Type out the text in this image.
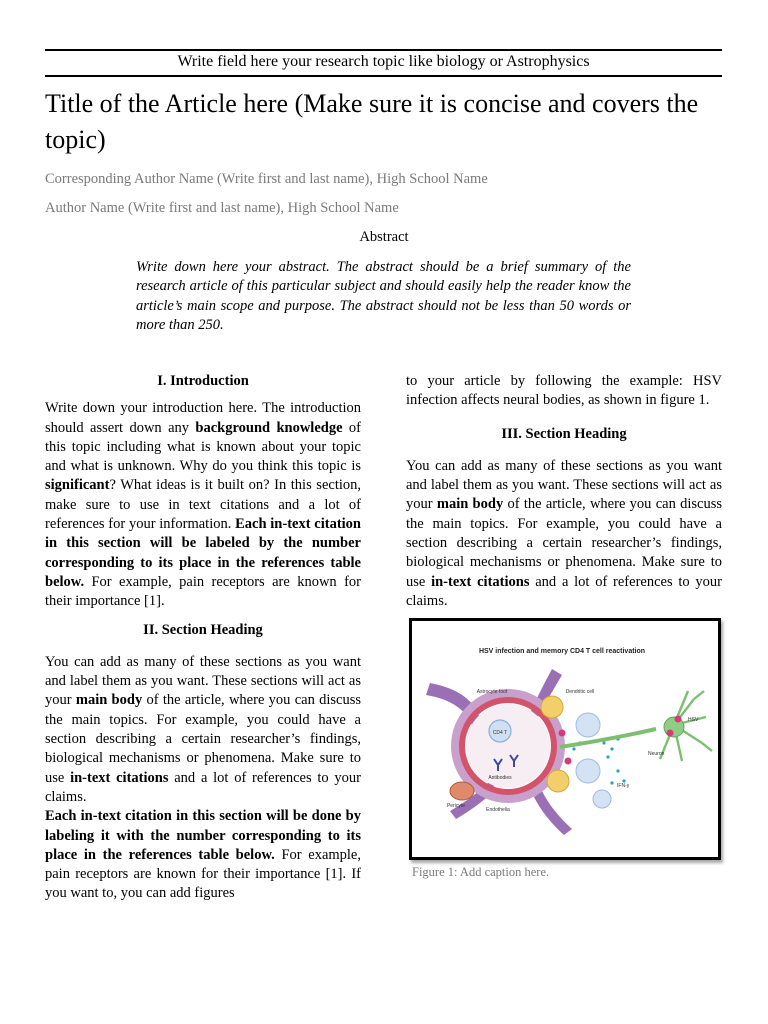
Write field here your research topic like biology or Astrophysics
Title of the Article here (Make sure it is concise and covers the topic)
Corresponding Author Name (Write first and last name), High School Name
Author Name (Write first and last name), High School Name
Abstract
Write down here your abstract. The abstract should be a brief summary of the research article of this particular subject and should easily help the reader know the article’s main scope and purpose. The abstract should not be less than 50 words or more than 250.
I. Introduction

Write down your introduction here. The introduction should assert down any background knowledge of this topic including what is known about your topic and what is unknown. Why do you think this topic is significant? What ideas is it built on? In this section, make sure to use in text citations and a lot of references for your information. Each in-text citation in this section will be labeled by the number corresponding to its place in the references table below. For example, pain receptors are known for their importance [1].

II. Section Heading

You can add as many of these sections as you want and label them as you want. These sections will act as your main body of the article, where you can discuss the main topics. For example, you could have a section describing a certain researcher’s findings, biological mechanisms or phenomena. Make sure to use in-text citations and a lot of references to your claims.

Each in-text citation in this section will be done by labeling it with the number corresponding to its place in the references table below. For example, pain receptors are known for their importance [1]. If you want to, you can add figures

to your article by following the example: HSV infection affects neural bodies, as shown in figure 1.

III. Section Heading

You can add as many of these sections as you want and label them as you want. These sections will act as your main body of the article, where you can discuss the main topics. For example, you could have a section describing a certain researcher’s findings, biological mechanisms or phenomena. Make sure to use in-text citations and a lot of references to your claims.

HSV infection and memory CD4 T cell reactivation
CD4 T
Antibodies
Pericyte
Endothelia
Astrocyte foot	Dendritic cell
IFN-γ
HSV
Neuron
Figure 1: Add caption here.
